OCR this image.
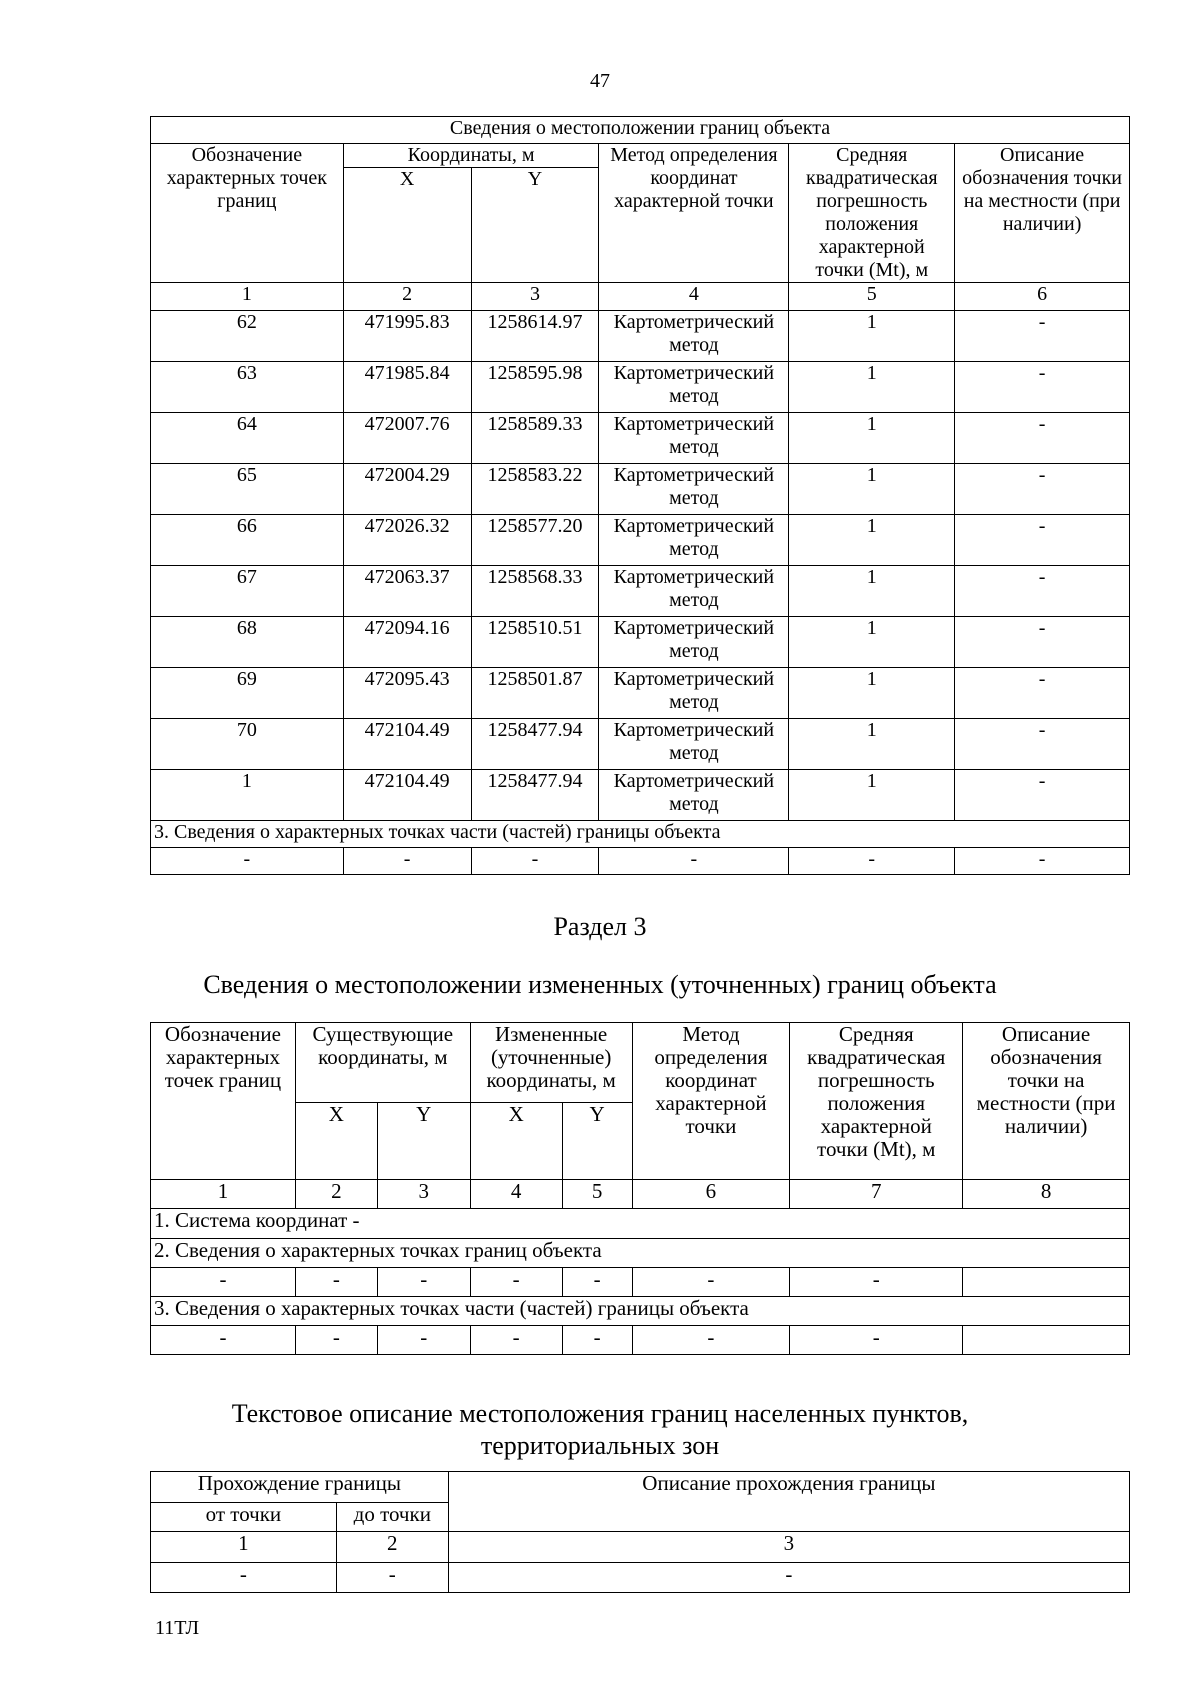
47
Сведения о местоположении границ объекта					
Обозначение характерных точек границ	Координаты, м		Метод определения координат характерной точки	Средняя квадратическая погрешность положения характерной точки (Mt), м	Описание обозначения точки на местности (при наличии)
	X	Y			
1	2	3	4	5	6
62	471995.83	1258614.97	Картометрический метод	1	-
63	471985.84	1258595.98	Картометрический метод	1	-
64	472007.76	1258589.33	Картометрический метод	1	-
65	472004.29	1258583.22	Картометрический метод	1	-
66	472026.32	1258577.20	Картометрический метод	1	-
67	472063.37	1258568.33	Картометрический метод	1	-
68	472094.16	1258510.51	Картометрический метод	1	-
69	472095.43	1258501.87	Картометрический метод	1	-
70	472104.49	1258477.94	Картометрический метод	1	-
1	472104.49	1258477.94	Картометрический метод	1	-
3. Сведения о характерных точках части (частей) границы объекта					
-	-	-	-	-	-
Раздел 3
Сведения о местоположении измененных (уточненных) границ объекта
Обозначение характерных точек границ	Существующие координаты, м		Измененные (уточненные) координаты, м		Метод определения координат характерной точки	Средняя квадратическая погрешность положения характерной точки (Mt), м	Описание обозначения точки на местности (при наличии)
	X	Y	X	Y			
1	2	3	4	5	6	7	8
1. Система координат -							
2. Сведения о характерных точках границ объекта							
-	-	-	-	-	-	-	
3. Сведения о характерных точках части (частей) границы объекта							
-	-	-	-	-	-	-	
Текстовое описание местоположения границ населенных пунктов,
территориальных зон
Прохождение границы		Описание прохождения границы
от точки	до точки	
1	2	3
-	-	-
11ТЛ
